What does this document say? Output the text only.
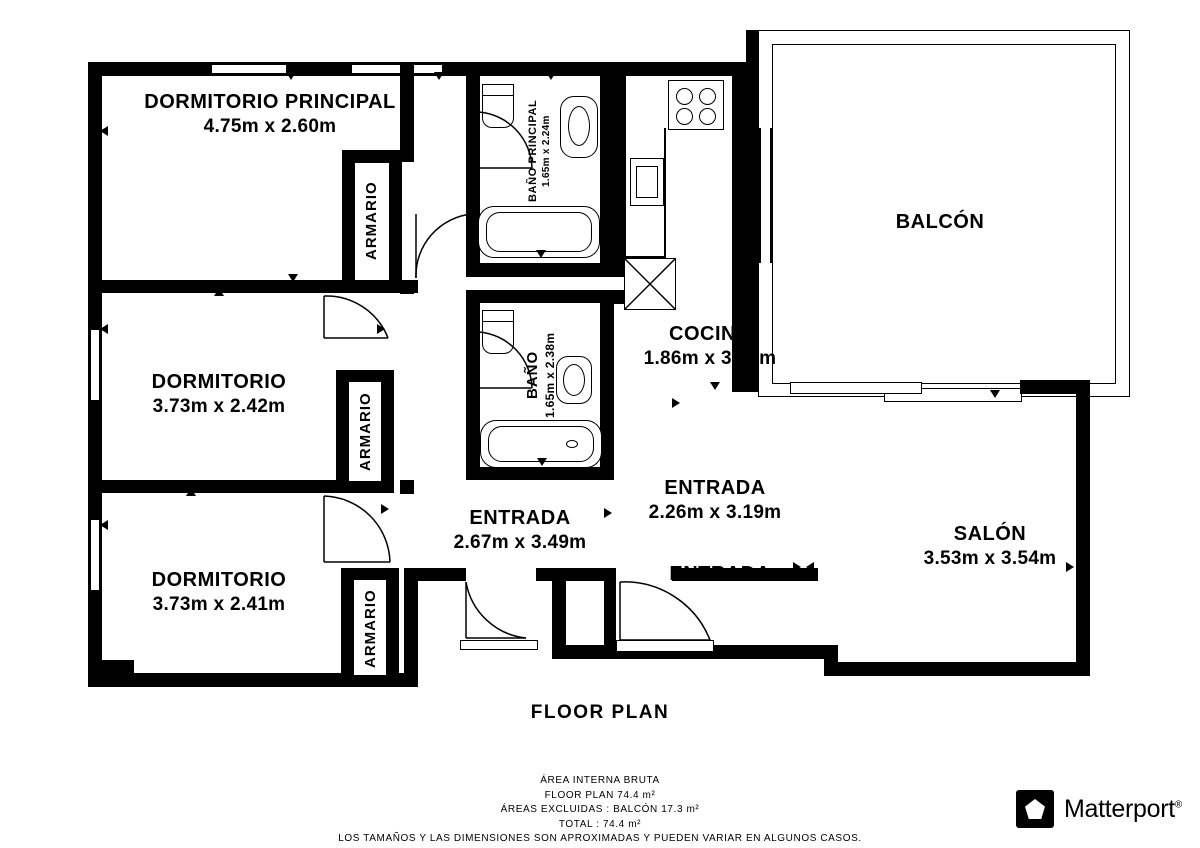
DORMITORIO PRINCIPAL
4.75m x 2.60m
DORMITORIO
3.73m x 2.42m
DORMITORIO
3.73m x 2.41m
BAÑO PRINCIPAL 1.65m x 2.24m
BAÑO 1.65m x 2.38m	COCINA
1.86m x 3.97m
BALCÓN
SALÓN
3.53m x 3.54m
ENTRADA
2.26m x 3.19m
ENTRADA
2.67m x 3.49m
ENTRADA
ARMARIO
ARMARIO
ARMARIO
FLOOR PLAN
ÁREA INTERNA BRUTA
FLOOR PLAN 74.4 m²
ÁREAS EXCLUIDAS : BALCÓN 17.3 m²
TOTAL : 74.4 m²
LOS TAMAÑOS Y LAS DIMENSIONES SON APROXIMADAS Y PUEDEN VARIAR EN ALGUNOS CASOS.
Matterport®
